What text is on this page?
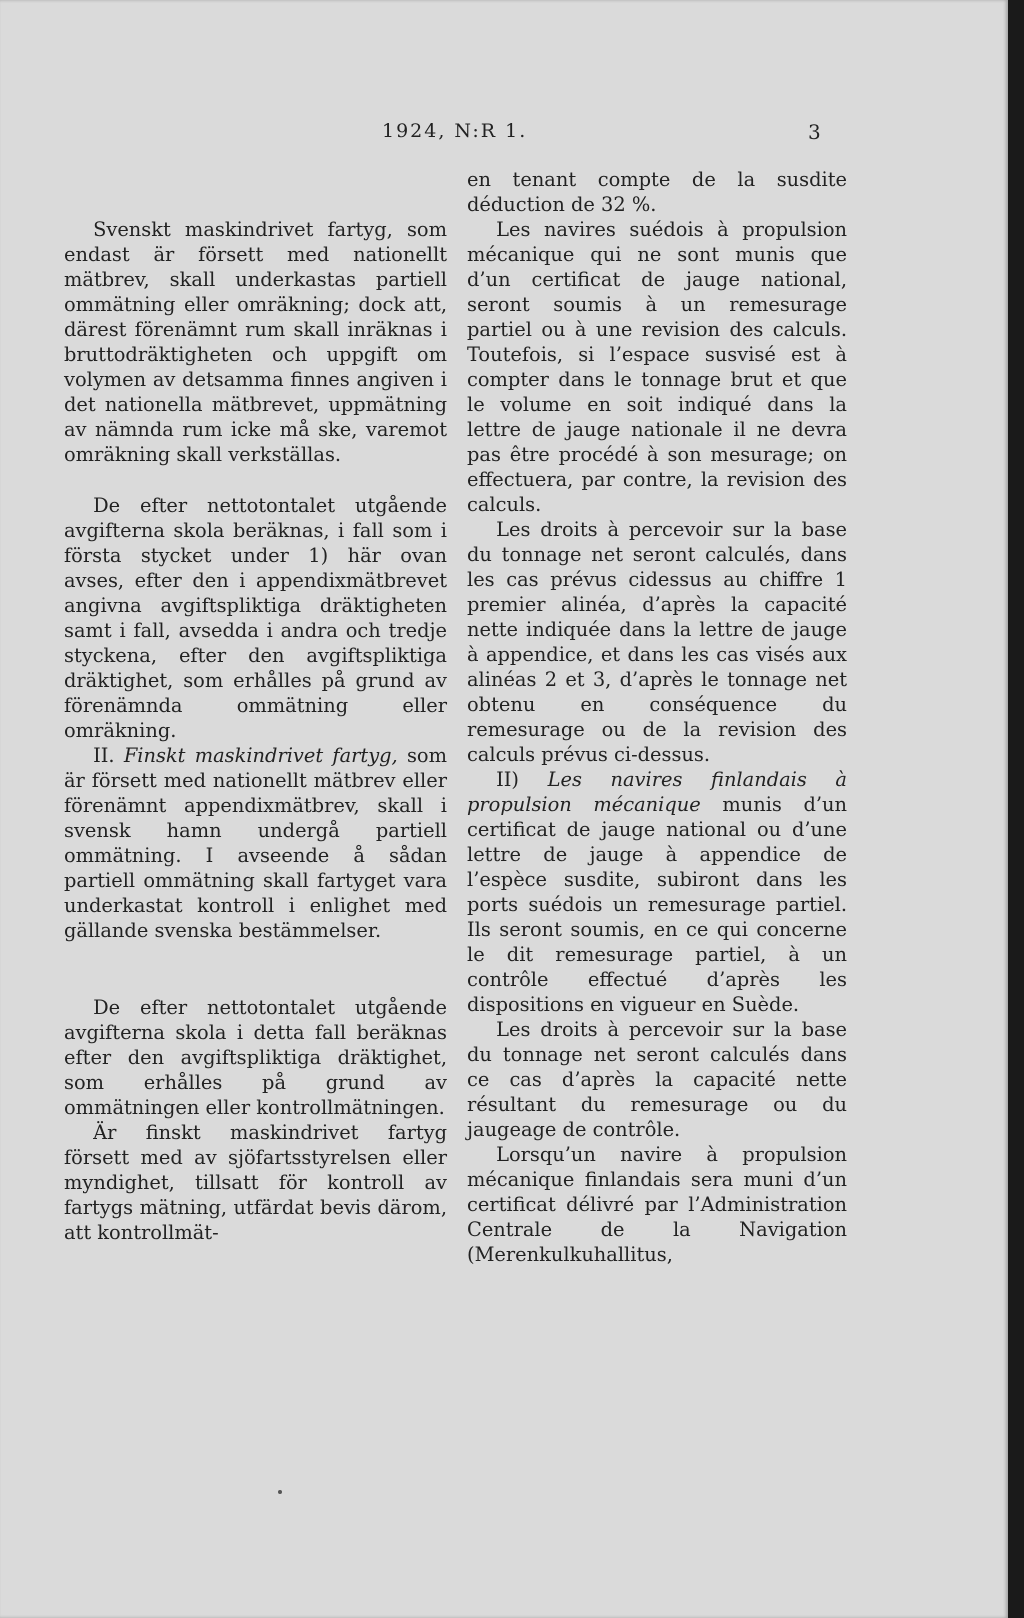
1924, N:R 1.	3

Svenskt maskindrivet fartyg, som endast är försett med nationellt mätbrev, skall underkastas partiell ommätning eller omräkning; dock att, därest förenämnt rum skall inräknas i bruttodräktigheten och uppgift om volymen av detsamma finnes angiven i det nationella mätbrevet, uppmätning av nämnda rum icke må ske, varemot omräkning skall verkställas.

De efter nettotontalet utgående avgifterna skola beräknas, i fall som i första stycket under 1) här ovan avses, efter den i appendixmätbrevet angivna avgiftspliktiga dräktigheten samt i fall, avsedda i andra och tredje styckena, efter den avgiftspliktiga dräktighet, som erhålles på grund av förenämnda ommätning eller omräkning.

II. Finskt maskindrivet fartyg, som är försett med nationellt mätbrev eller förenämnt appendixmätbrev, skall i svensk hamn undergå partiell ommätning. I avseende å sådan partiell ommätning skall fartyget vara underkastat kontroll i enlighet med gällande svenska bestämmelser.

De efter nettotontalet utgående avgifterna skola i detta fall beräknas efter den avgiftspliktiga dräktighet, som erhålles på grund av ommätningen eller kontrollmätningen.

Är finskt maskindrivet fartyg försett med av sjöfartsstyrelsen eller myndighet, tillsatt för kontroll av fartygs mätning, utfärdat bevis därom, att kontrollmät-

en tenant compte de la susdite déduction de 32 %.

Les navires suédois à propulsion mécanique qui ne sont munis que d’un certificat de jauge national, seront soumis à un remesurage partiel ou à une revision des calculs. Toutefois, si l’espace susvisé est à compter dans le tonnage brut et que le volume en soit indiqué dans la lettre de jauge nationale il ne devra pas être procédé à son mesurage; on effectuera, par contre, la revision des calculs.

Les droits à percevoir sur la base du tonnage net seront calculés, dans les cas prévus cidessus au chiffre 1 premier alinéa, d’après la capacité nette indiquée dans la lettre de jauge à appendice, et dans les cas visés aux alinéas 2 et 3, d’après le tonnage net obtenu en conséquence du remesurage ou de la revision des calculs prévus ci-dessus.

II) Les navires finlandais à propulsion mécanique munis d’un certificat de jauge national ou d’une lettre de jauge à appendice de l’espèce susdite, subiront dans les ports suédois un remesurage partiel. Ils seront soumis, en ce qui concerne le dit remesurage partiel, à un contrôle effectué d’après les dispositions en vigueur en Suède.

Les droits à percevoir sur la base du tonnage net seront calculés dans ce cas d’après la capacité nette résultant du remesurage ou du jaugeage de contrôle.

Lorsqu’un navire à propulsion mécanique finlandais sera muni d’un certificat délivré par l’Administration Centrale de la Navigation (Merenkulkuhallitus,
